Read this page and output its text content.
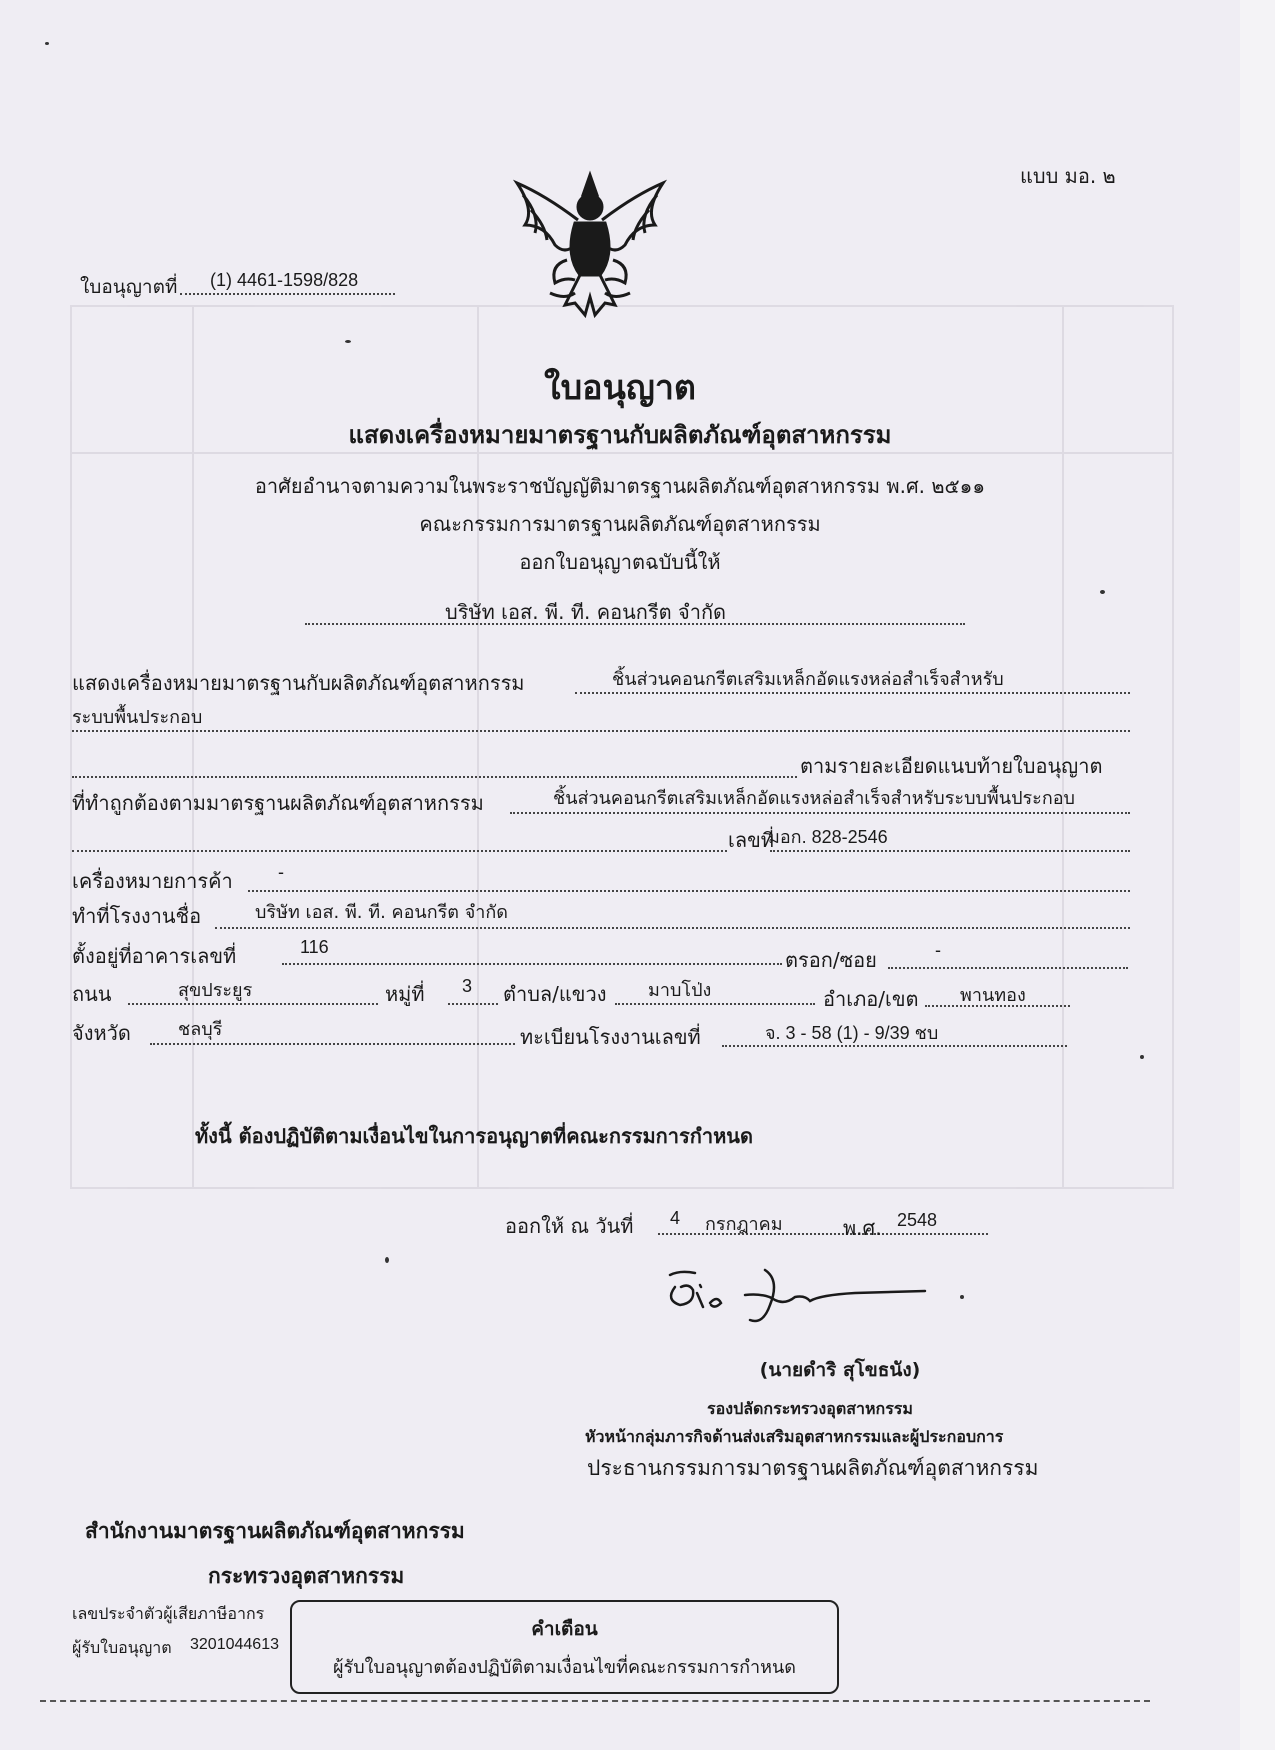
แบบ มอ. ๒
ใบอนุญาตที่ (1) 4461-1598/828
ใบอนุญาต
แสดงเครื่องหมายมาตรฐานกับผลิตภัณฑ์อุตสาหกรรม
อาศัยอำนาจตามความในพระราชบัญญัติมาตรฐานผลิตภัณฑ์อุตสาหกรรม พ.ศ. ๒๕๑๑
คณะกรรมการมาตรฐานผลิตภัณฑ์อุตสาหกรรม
ออกใบอนุญาตฉบับนี้ให้
บริษัท เอส. พี. ที. คอนกรีต จำกัด
แสดงเครื่องหมายมาตรฐานกับผลิตภัณฑ์อุตสาหกรรม	ชิ้นส่วนคอนกรีตเสริมเหล็กอัดแรงหล่อสำเร็จสำหรับ
ระบบพื้นประกอบ
ตามรายละเอียดแนบท้ายใบอนุญาต
ที่ทำถูกต้องตามมาตรฐานผลิตภัณฑ์อุตสาหกรรม	ชิ้นส่วนคอนกรีตเสริมเหล็กอัดแรงหล่อสำเร็จสำหรับระบบพื้นประกอบ
เลขที่
มอก. 828-2546
เครื่องหมายการค้า	-
ทำที่โรงงานชื่อ	บริษัท เอส. พี. ที. คอนกรีต จำกัด
ตั้งอยู่ที่อาคารเลขที่	116
ตรอก/ซอย	-
ถนน	สุขประยูร	หมู่ที่ 3 ตำบล/แขวง มาบโป่ง	อำเภอ/เขต พานทอง
จังหวัด	ชลบุรี	ทะเบียนโรงงานเลขที่	จ. 3 - 58 (1) - 9/39 ชบ
ทั้งนี้ ต้องปฏิบัติตามเงื่อนไขในการอนุญาตที่คณะกรรมการกำหนด
ออกให้ ณ วันที่ 4 กรกฎาคม	พ.ศ. 2548
(นายดำริ สุโขธนัง)
รองปลัดกระทรวงอุตสาหกรรม
หัวหน้ากลุ่มภารกิจด้านส่งเสริมอุตสาหกรรมและผู้ประกอบการ
ประธานกรรมการมาตรฐานผลิตภัณฑ์อุตสาหกรรม
สำนักงานมาตรฐานผลิตภัณฑ์อุตสาหกรรม
กระทรวงอุตสาหกรรม
เลขประจำตัวผู้เสียภาษีอากร
ผู้รับใบอนุญาต 3201044613
คำเตือน
ผู้รับใบอนุญาตต้องปฏิบัติตามเงื่อนไขที่คณะกรรมการกำหนด
